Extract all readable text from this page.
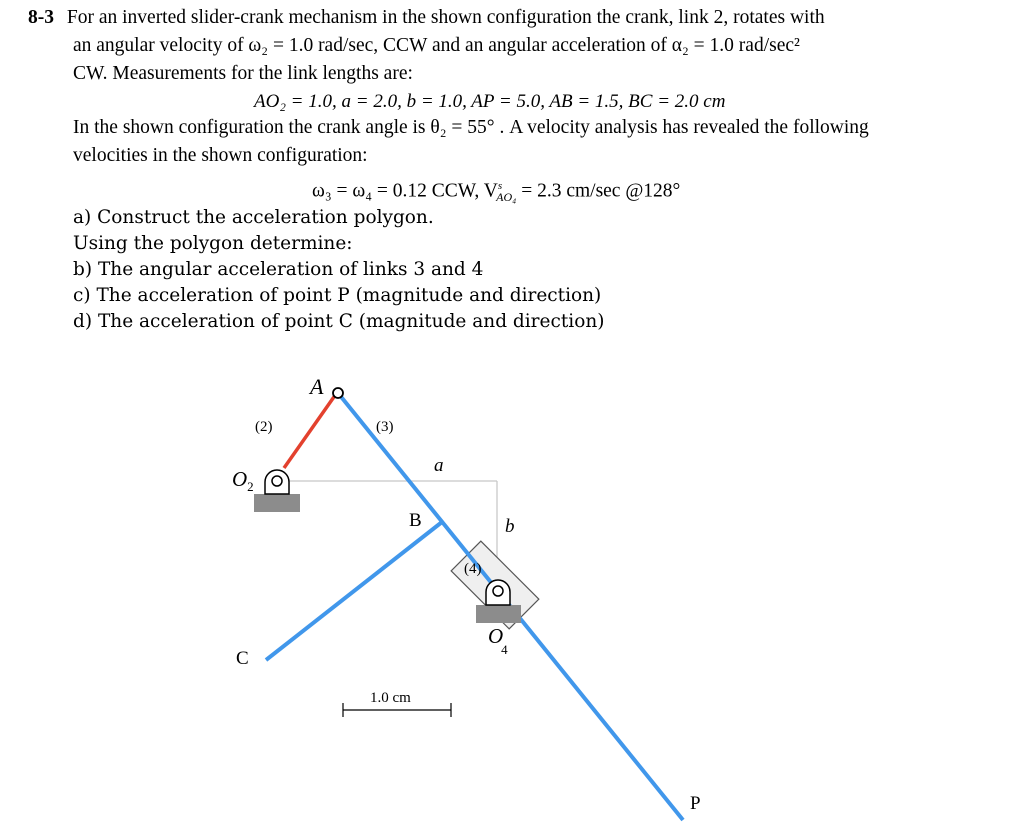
8-3 For an inverted slider-crank mechanism in the shown configuration the crank, link 2, rotates with
an angular velocity of ω₂ = 1.0 rad/sec, CCW and an angular acceleration of α₂ = 1.0 rad/sec²
CW. Measurements for the link lengths are:
AO₂ = 1.0, a = 2.0, b = 1.0, AP = 5.0, AB = 1.5, BC = 2.0 cm
In the shown configuration the crank angle is θ₂ = 55° . A velocity analysis has revealed the following
velocities in the shown configuration:
ω₃ = ω₄ = 0.12 CCW, $V^s_{AO_4} = 2.3$ cm/sec @128°
a) Construct the acceleration polygon.
Using the polygon determine:
b) The angular acceleration of links 3 and 4
c) The acceleration of point P (magnitude and direction)
d) The acceleration of point C (magnitude and direction)
A
(2)	(3)
a
$O_2$
B	b
(4)
$O_4$
C
1.0 cm
P
